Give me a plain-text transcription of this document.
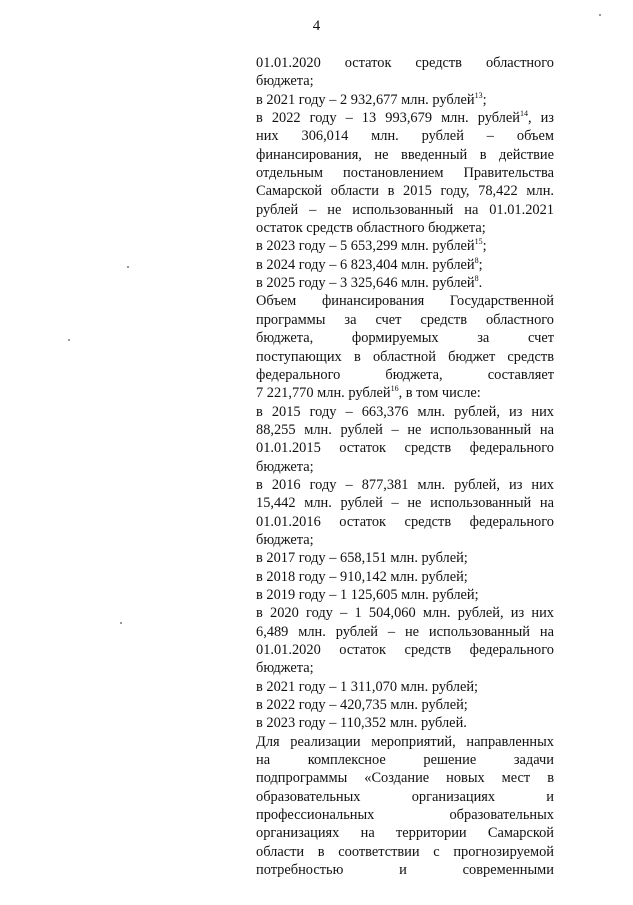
4
01.01.2020 остаток средств областного
бюджета;
в 2021 году – 2 932,677 млн. рублей$^{13}$;
в 2022 году – 13 993,679 млн. рублей$^{14}$, из
них 306,014 млн. рублей – объем
финансирования, не введенный в действие
отдельным постановлением Правительства
Самарской области в 2015 году, 78,422 млн.
рублей – не использованный на 01.01.2021
остаток средств областного бюджета;
в 2023 году – 5 653,299 млн. рублей$^{15}$;
в 2024 году – 6 823,404 млн. рублей$^8$;
в 2025 году – 3 325,646 млн. рублей$^8$.
Объем финансирования Государственной
программы за счет средств областного
бюджета, формируемых за счет
поступающих в областной бюджет средств
федерального бюджета, составляет
7 221,770 млн. рублей$^{16}$, в том числе:
в 2015 году – 663,376 млн. рублей, из них
88,255 млн. рублей – не использованный на
01.01.2015 остаток средств федерального
бюджета;
в 2016 году – 877,381 млн. рублей, из них
15,442 млн. рублей – не использованный на
01.01.2016 остаток средств федерального
бюджета;
в 2017 году – 658,151 млн. рублей;
в 2018 году – 910,142 млн. рублей;
в 2019 году – 1 125,605 млн. рублей;
в 2020 году – 1 504,060 млн. рублей, из них
6,489 млн. рублей – не использованный на
01.01.2020 остаток средств федерального
бюджета;
в 2021 году – 1 311,070 млн. рублей;
в 2022 году – 420,735 млн. рублей;
в 2023 году – 110,352 млн. рублей.
Для реализации мероприятий, направленных
на комплексное решение задачи
подпрограммы «Создание новых мест в
образовательных организациях и
профессиональных образовательных
организациях на территории Самарской
области в соответствии с прогнозируемой
потребностью и современными
